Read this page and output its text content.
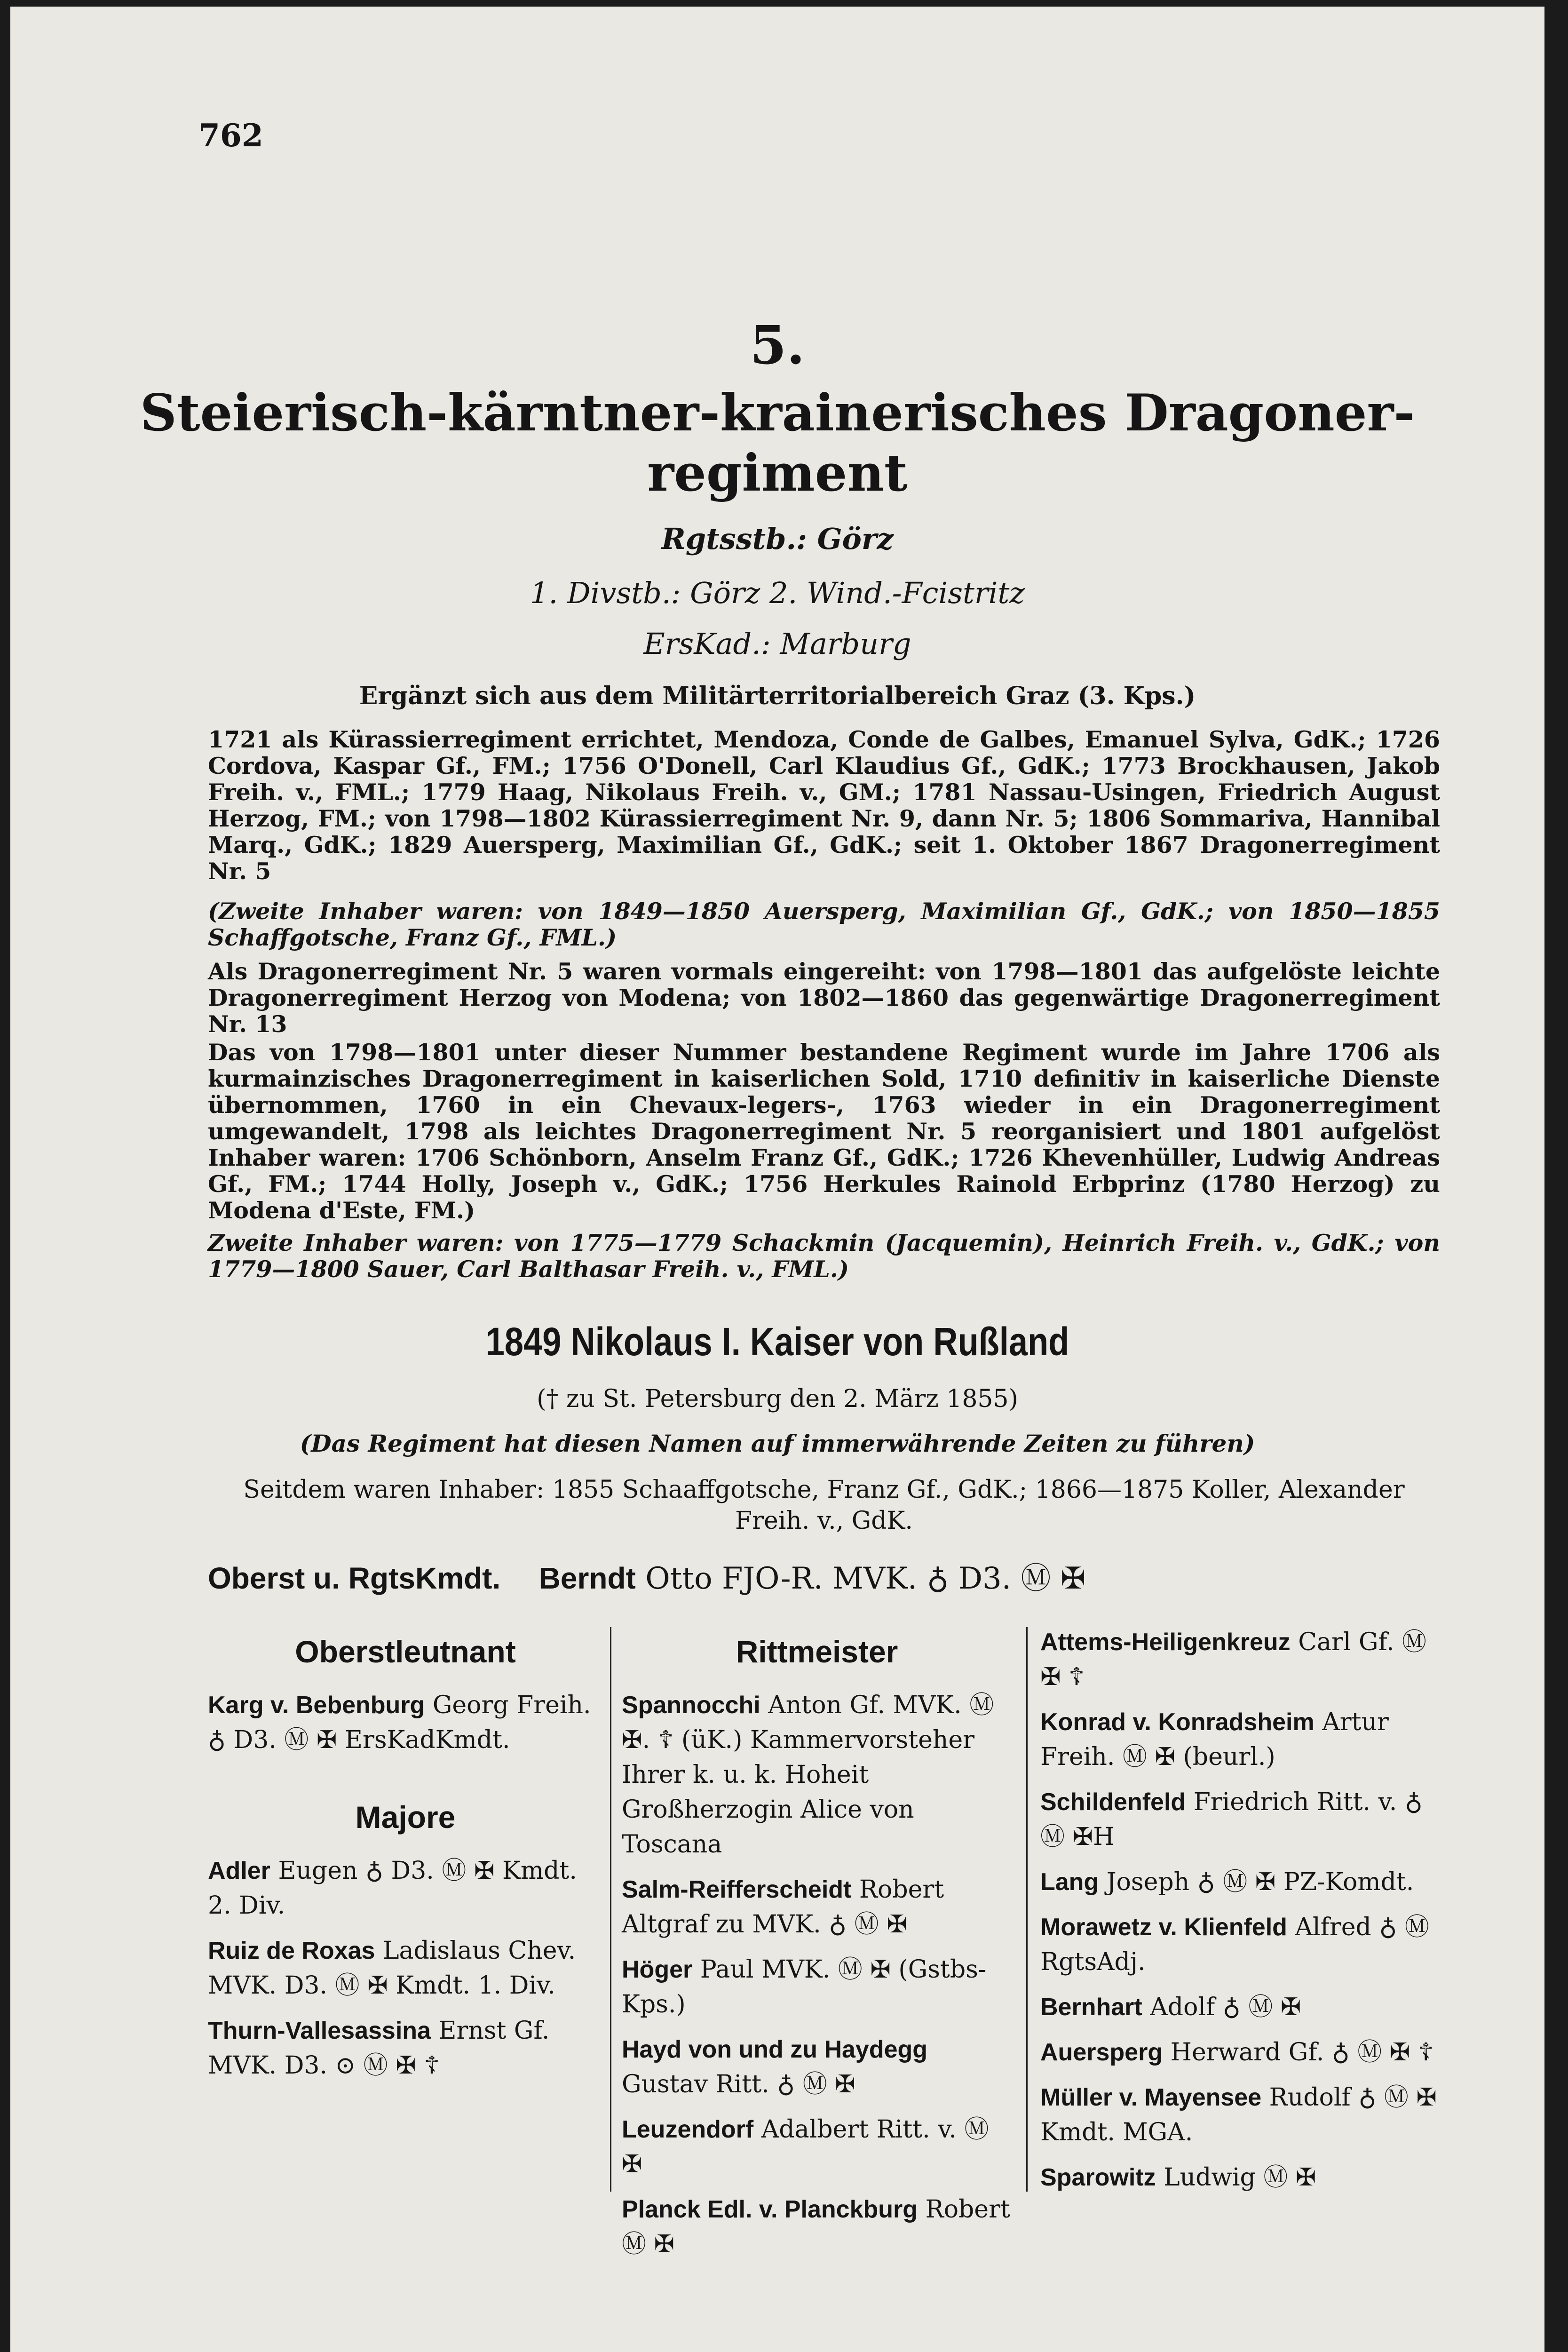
762
5.
Steierisch-kärntner-krainerisches Dragoner-
regiment
Rgtsstb.: Görz
1. Divstb.: Görz 2. Wind.-Fcistritz
ErsKad.: Marburg
Ergänzt sich aus dem Militärterritorialbereich Graz (3. Kps.)
1721 als Kürassierregiment errichtet, Mendoza, Conde de Galbes, Emanuel Sylva, GdK.; 1726 Cordova, Kaspar Gf., FM.; 1756 O'Donell, Carl Klaudius Gf., GdK.; 1773 Brockhausen, Jakob Freih. v., FML.; 1779 Haag, Nikolaus Freih. v., GM.; 1781 Nassau-Usingen, Friedrich August Herzog, FM.; von 1798—1802 Kürassierregiment Nr. 9, dann Nr. 5; 1806 Sommariva, Hannibal Marq., GdK.; 1829 Auersperg, Maximilian Gf., GdK.; seit 1. Oktober 1867 Dragonerregiment Nr. 5
(Zweite Inhaber waren: von 1849—1850 Auersperg, Maximilian Gf., GdK.; von 1850—1855 Schaffgotsche, Franz Gf., FML.)
Als Dragonerregiment Nr. 5 waren vormals eingereiht: von 1798—1801 das aufgelöste leichte Dragonerregiment Herzog von Modena; von 1802—1860 das gegenwärtige Dragonerregiment Nr. 13
Das von 1798—1801 unter dieser Nummer bestandene Regiment wurde im Jahre 1706 als kurmainzisches Dragonerregiment in kaiserlichen Sold, 1710 definitiv in kaiserliche Dienste übernommen, 1760 in ein Chevaux-legers-, 1763 wieder in ein Dragonerregiment umgewandelt, 1798 als leichtes Dragonerregiment Nr. 5 reorganisiert und 1801 aufgelöst Inhaber waren: 1706 Schönborn, Anselm Franz Gf., GdK.; 1726 Khevenhüller, Ludwig Andreas Gf., FM.; 1744 Holly, Joseph v., GdK.; 1756 Herkules Rainold Erbprinz (1780 Herzog) zu Modena d'Este, FM.)
Zweite Inhaber waren: von 1775—1779 Schackmin (Jacquemin), Heinrich Freih. v., GdK.; von 1779—1800 Sauer, Carl Balthasar Freih. v., FML.)
1849 Nikolaus I. Kaiser von Rußland
(† zu St. Petersburg den 2. März 1855)
(Das Regiment hat diesen Namen auf immerwährende Zeiten zu führen)
Seitdem waren Inhaber: 1855 Schaaffgotsche, Franz Gf., GdK.; 1866—1875 Koller, Alexander Freih. v., GdK.
Oberst u. RgtsKmdt. Berndt Otto FJO-R. MVK. ♁ D3. Ⓜ ✠
Oberstleutnant
Karg v. Bebenburg Georg Freih. ♁ D3. Ⓜ ✠ ErsKadKmdt.
Majore
Adler Eugen ♁ D3. Ⓜ ✠ Kmdt. 2. Div.
Ruiz de Roxas Ladislaus Chev. MVK. D3. Ⓜ ✠ Kmdt. 1. Div.
Thurn-Vallesassina Ernst Gf. MVK. D3. ⊙ Ⓜ ✠ ☦
Rittmeister
Spannocchi Anton Gf. MVK. Ⓜ ✠. ☦ (üK.) Kammervorsteher Ihrer k. u. k. Hoheit Großherzogin Alice von Toscana
Salm-Reifferscheidt Robert Altgraf zu MVK. ♁ Ⓜ ✠
Höger Paul MVK. Ⓜ ✠ (Gstbs-Kps.)
Hayd von und zu Haydegg Gustav Ritt. ♁ Ⓜ ✠
Leuzendorf Adalbert Ritt. v. Ⓜ ✠
Planck Edl. v. Planckburg Robert Ⓜ ✠
Attems-Heiligenkreuz Carl Gf. Ⓜ ✠ ☦
Konrad v. Konradsheim Artur Freih. Ⓜ ✠ (beurl.)
Schildenfeld Friedrich Ritt. v. ♁ Ⓜ ✠H
Lang Joseph ♁ Ⓜ ✠ PZ-Komdt.
Morawetz v. Klienfeld Alfred ♁ Ⓜ RgtsAdj.
Bernhart Adolf ♁ Ⓜ ✠
Auersperg Herward Gf. ♁ Ⓜ ✠ ☦
Müller v. Mayensee Rudolf ♁ Ⓜ ✠ Kmdt. MGA.
Sparowitz Ludwig Ⓜ ✠
